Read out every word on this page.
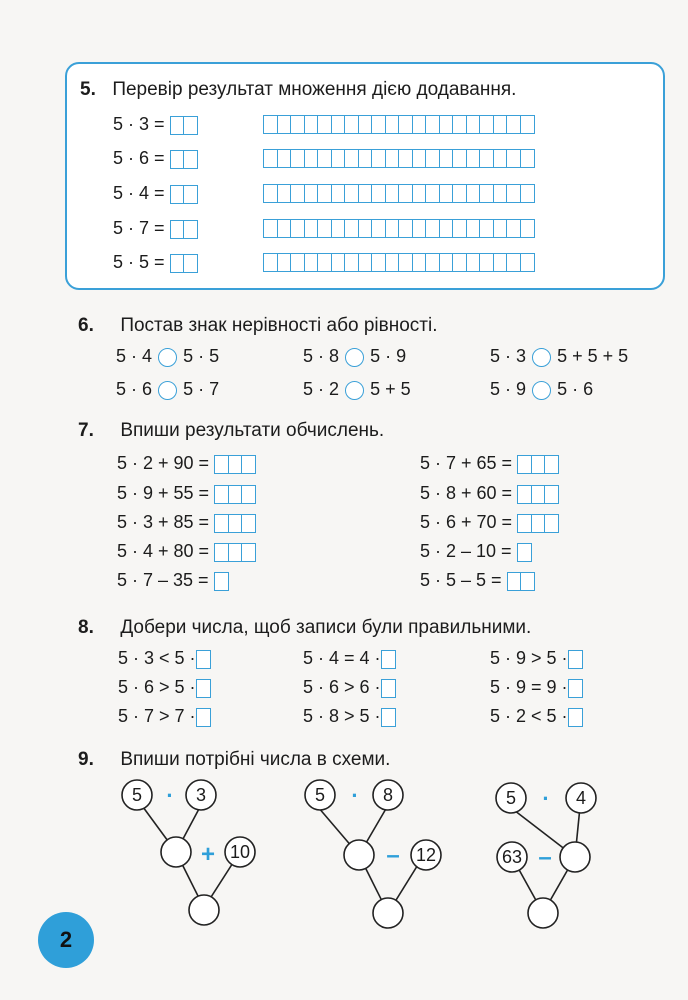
5. Перевір результат множення дією додавання.
5 · 3 =
5 · 6 =
5 · 4 =
5 · 7 =
5 · 5 =
6. Постав знак нерівності або рівності.
5 · 4 5 · 5	5 · 8 5 · 9	5 · 3 5 + 5 + 5
5 · 6 5 · 7	5 · 2 5 + 5	5 · 9 5 · 6
7. Впиши результати обчислень.
5 · 2 + 90 =	5 · 7 + 65 =
5 · 9 + 55 =	5 · 8 + 60 =
5 · 3 + 85 =	5 · 6 + 70 =
5 · 4 + 80 =	5 · 2 – 10 =
5 · 7 – 35 =	5 · 5 – 5 =
8. Добери числа, щоб записи були правильними.
5 · 3 < 5 ·	5 · 4 = 4 ·	5 · 9 > 5 ·
5 · 6 > 5 ·	5 · 6 > 6 ·	5 · 9 = 9 ·
5 · 7 > 7 ·	5 · 8 > 5 ·	5 · 2 < 5 ·
9. Впиши потрібні числа в схеми.
5	3
10
5	8
12
5	4
63
·
+
·
–
·
–
2
